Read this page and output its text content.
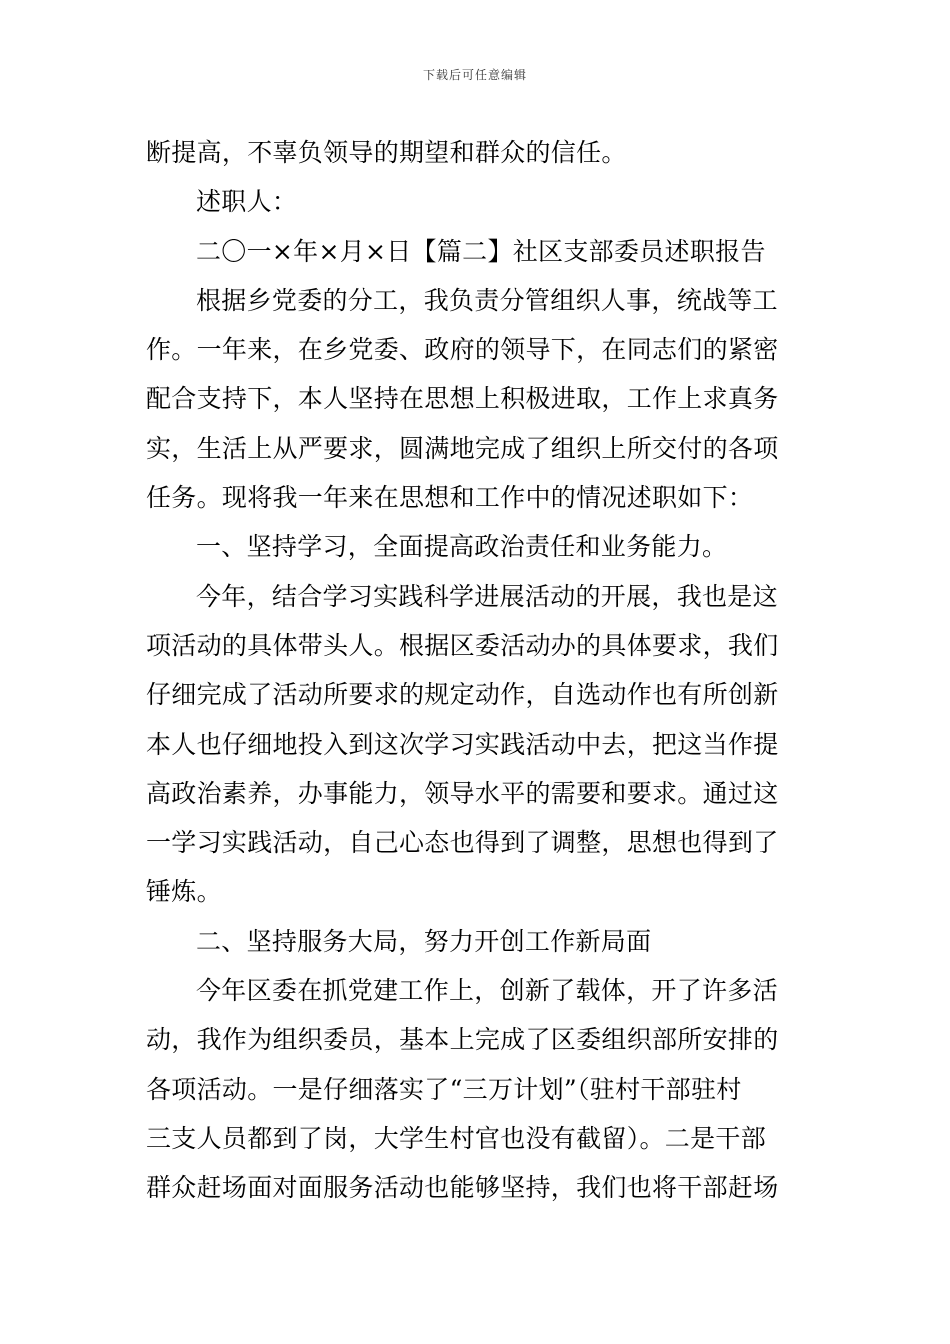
下载后可任意编辑
断提高，不辜负领导的期望和群众的信任。
述职人：
二〇一×年×月×日【篇二】社区支部委员述职报告
根据乡党委的分工，我负责分管组织人事，统战等工
作。一年来，在乡党委、政府的领导下，在同志们的紧密
配合支持下，本人坚持在思想上积极进取，工作上求真务
实，生活上从严要求，圆满地完成了组织上所交付的各项
任务。现将我一年来在思想和工作中的情况述职如下：
一、坚持学习，全面提高政治责任和业务能力。
今年，结合学习实践科学进展活动的开展，我也是这
项活动的具体带头人。根据区委活动办的具体要求，我们
仔细完成了活动所要求的规定动作，自选动作也有所创新
本人也仔细地投入到这次学习实践活动中去，把这当作提
高政治素养，办事能力，领导水平的需要和要求。通过这
一学习实践活动，自己心态也得到了调整，思想也得到了
锤炼。
二、坚持服务大局，努力开创工作新局面
今年区委在抓党建工作上，创新了载体，开了许多活
动，我作为组织委员，基本上完成了区委组织部所安排的
各项活动。一是仔细落实了“三万计划”（驻村干部驻村
三支人员都到了岗，大学生村官也没有截留）。二是干部
群众赶场面对面服务活动也能够坚持，我们也将干部赶场
